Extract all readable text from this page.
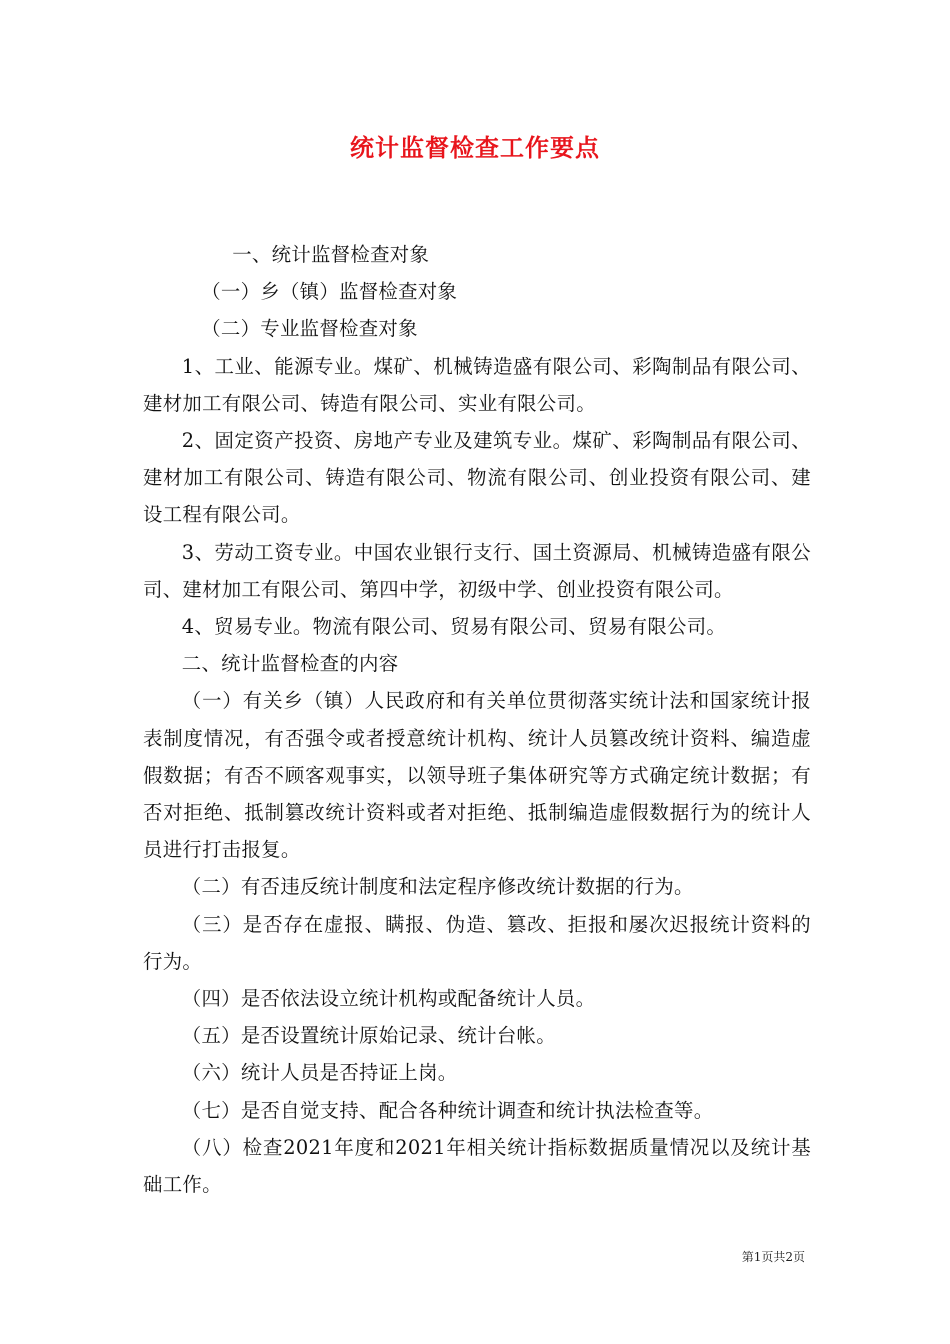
统计监督检查工作要点

一、统计监督检查对象

（一）乡（镇）监督检查对象

（二）专业监督检查对象

1、工业、能源专业。煤矿、机械铸造盛有限公司、彩陶制品有限公司、建材加工有限公司、铸造有限公司、实业有限公司。

2、固定资产投资、房地产专业及建筑专业。煤矿、彩陶制品有限公司、建材加工有限公司、铸造有限公司、物流有限公司、创业投资有限公司、建设工程有限公司。

3、劳动工资专业。中国农业银行支行、国土资源局、机械铸造盛有限公司、建材加工有限公司、第四中学，初级中学、创业投资有限公司。

4、贸易专业。物流有限公司、贸易有限公司、贸易有限公司。

二、统计监督检查的内容

（一）有关乡（镇）人民政府和有关单位贯彻落实统计法和国家统计报表制度情况，有否强令或者授意统计机构、统计人员篡改统计资料、编造虚假数据；有否不顾客观事实，以领导班子集体研究等方式确定统计数据；有否对拒绝、抵制篡改统计资料或者对拒绝、抵制编造虚假数据行为的统计人员进行打击报复。

（二）有否违反统计制度和法定程序修改统计数据的行为。

（三）是否存在虚报、瞒报、伪造、篡改、拒报和屡次迟报统计资料的行为。

（四）是否依法设立统计机构或配备统计人员。

（五）是否设置统计原始记录、统计台帐。

（六）统计人员是否持证上岗。

（七）是否自觉支持、配合各种统计调查和统计执法检查等。

（八）检查2021年度和2021年相关统计指标数据质量情况以及统计基础工作。

第1页共2页
